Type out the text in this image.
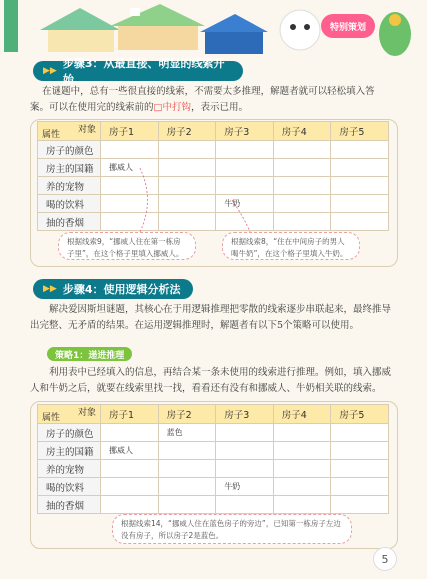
特别策划
▶▶
步骤3：从最直接、明显的线索开始
在谜题中，总有一些很直接的线索，不需要太多推理，解题者就可以轻松填入答案。可以在使用完的线索前的□中打钩，表示已用。
对象
属性	房子1	房子2	房子3	房子4	房子5
房子的颜色					
房主的国籍	挪威人				
养的宠物					
喝的饮料			牛奶		
抽的香烟					
根据线索9，“挪威人住在第一栋房子里”，在这个格子里填入挪威人。
根据线索8，“住在中间房子的男人喝牛奶”，在这个格子里填入牛奶。
▶▶ 步骤4：使用逻辑分析法
解决爱因斯坦谜题，其核心在于用逻辑推理把零散的线索逐步串联起来，最终推导出完整、无矛盾的结果。在运用逻辑推理时，解题者有以下5个策略可以使用。
策略1：递进推理
利用表中已经填入的信息，再结合某一条未使用的线索进行推理。例如，填入挪威人和牛奶之后，就要在线索里找一找，看看还有没有和挪威人、牛奶相关联的线索。
对象
属性	房子1	房子2	房子3	房子4	房子5
房子的颜色		蓝色			
房主的国籍	挪威人				
养的宠物					
喝的饮料			牛奶		
抽的香烟					
根据线索14，“挪威人住在蓝色房子的旁边”，已知第一栋房子左边没有房子，所以房子2是蓝色。
5
